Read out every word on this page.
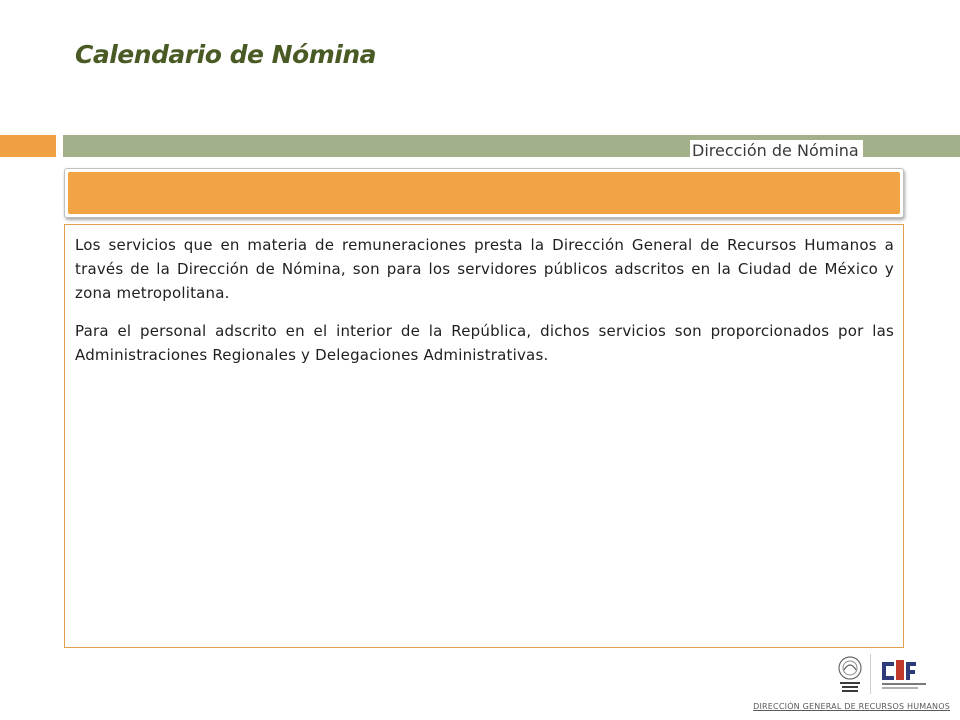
Calendario de Nómina
Dirección de Nómina

Los servicios que en materia de remuneraciones presta la Dirección General de Recursos Humanos a través de la Dirección de Nómina, son para los servidores públicos adscritos en la Ciudad de México y zona metropolitana.

Para el personal adscrito en el interior de la República, dichos servicios son proporcionados por las Administraciones Regionales y Delegaciones Administrativas.

DIRECCIÓN GENERAL DE RECURSOS HUMANOS
